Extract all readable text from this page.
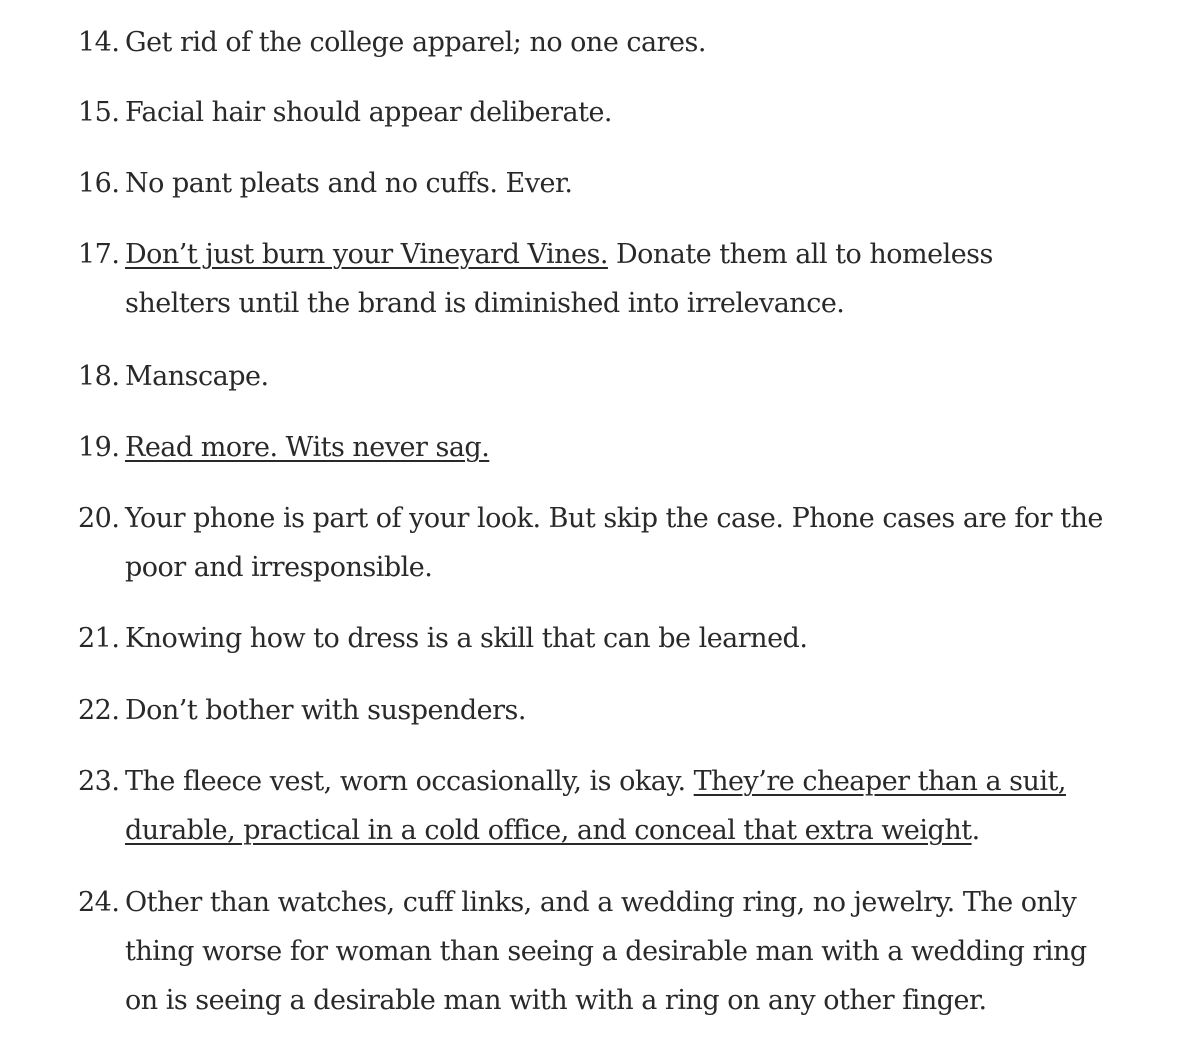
14. Get rid of the college apparel; no one cares.
15. Facial hair should appear deliberate.
16. No pant pleats and no cuffs. Ever.
17. Don’t just burn your Vineyard Vines. Donate them all to homeless
shelters until the brand is diminished into irrelevance.
18. Manscape.
19. Read more. Wits never sag.
20. Your phone is part of your look. But skip the case. Phone cases are for the
poor and irresponsible.
21. Knowing how to dress is a skill that can be learned.
22. Don’t bother with suspenders.
23. The fleece vest, worn occasionally, is okay. They’re cheaper than a suit,
durable, practical in a cold office, and conceal that extra weight.
24. Other than watches, cuff links, and a wedding ring, no jewelry. The only
thing worse for woman than seeing a desirable man with a wedding ring
on is seeing a desirable man with with a ring on any other finger.
